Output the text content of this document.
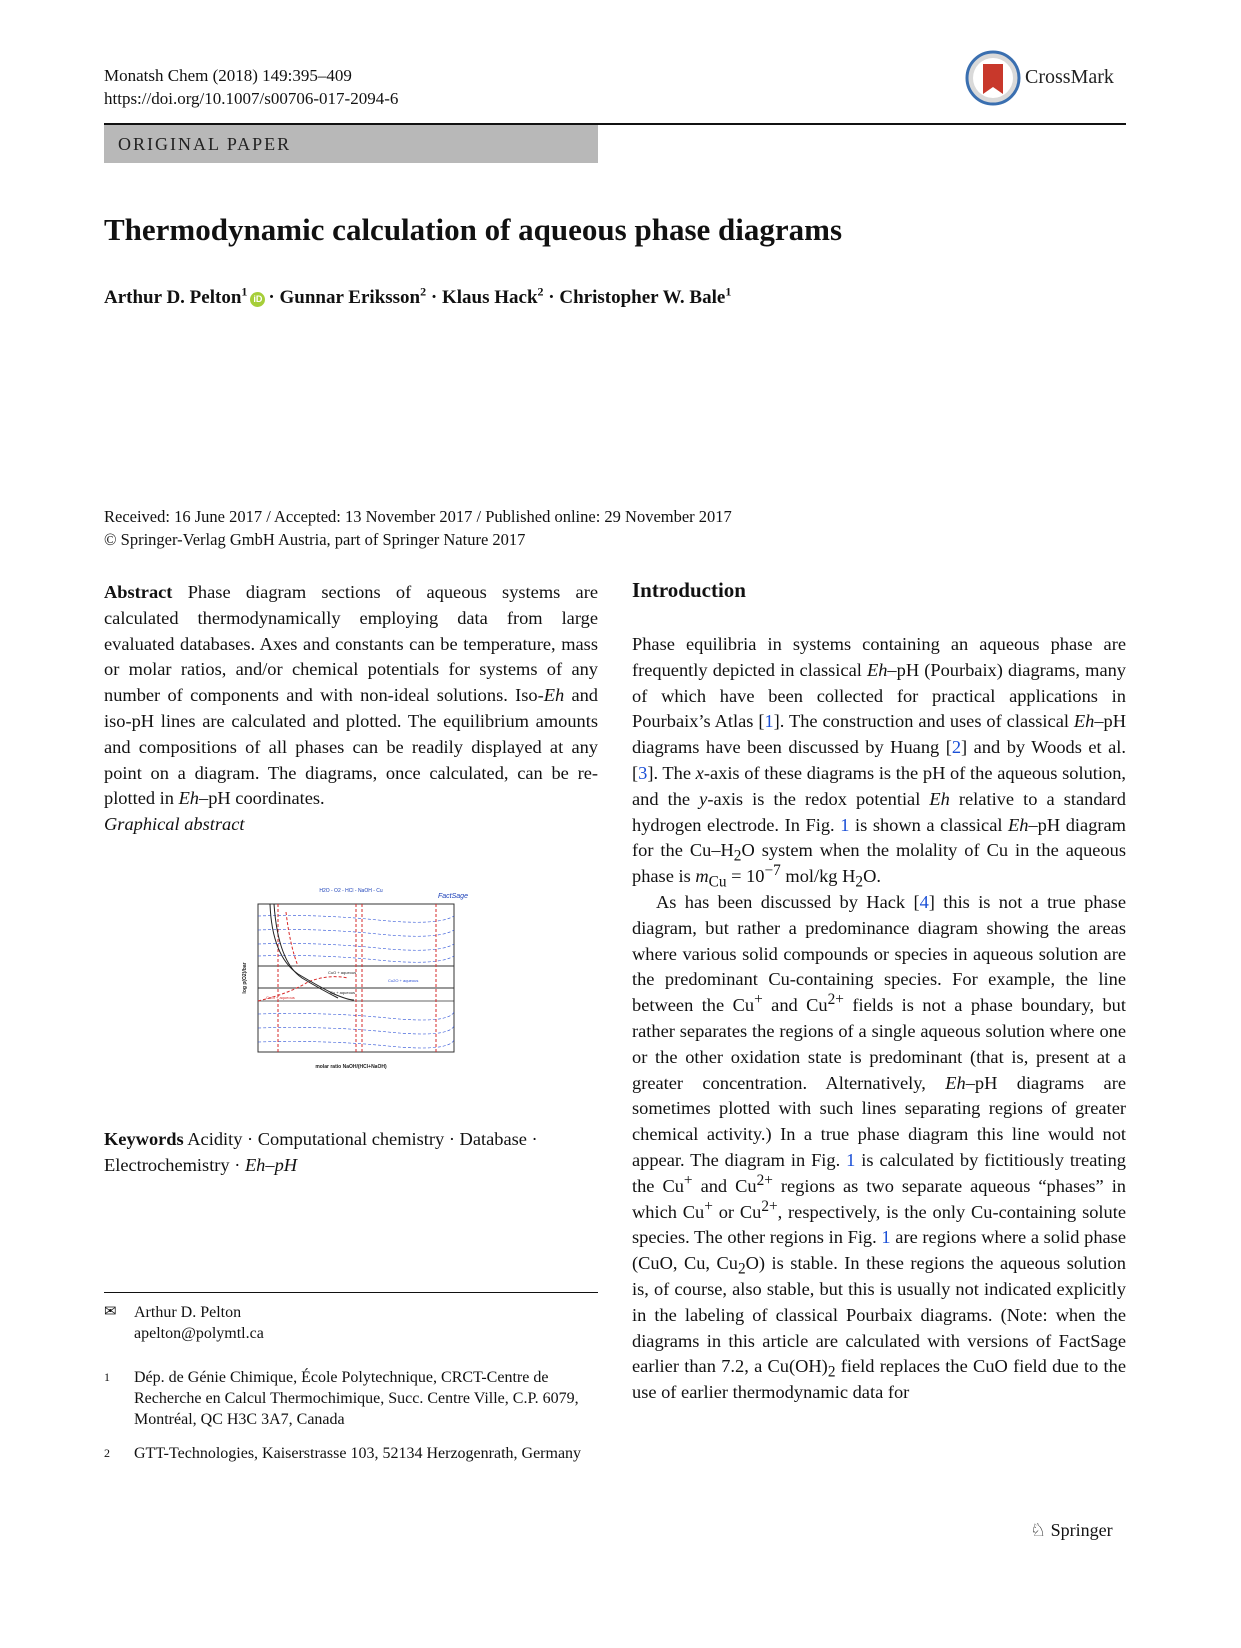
Monatsh Chem (2018) 149:395–409
https://doi.org/10.1007/s00706-017-2094-6
CrossMark
ORIGINAL PAPER
Thermodynamic calculation of aqueous phase diagrams
Arthur D. Pelton$^1$iD · Gunnar Eriksson$^2$ · Klaus Hack$^2$ · Christopher W. Bale$^1$
Received: 16 June 2017 / Accepted: 13 November 2017 / Published online: 29 November 2017
© Springer-Verlag GmbH Austria, part of Springer Nature 2017

Abstract Phase diagram sections of aqueous systems are calculated thermodynamically employing data from large evaluated databases. Axes and constants can be temperature, mass or molar ratios, and/or chemical potentials for systems of any number of components and with non-ideal solutions. Iso-Eh and iso-pH lines are calculated and plotted. The equilibrium amounts and compositions of all phases can be readily displayed at any point on a diagram. The diagrams, once calculated, can be re-plotted in Eh–pH coordinates.

Graphical abstract

H2O - O2 - HCl - NaOH - Cu
FactSage
CuCl + aqueous
Cu2O + aqueous
CuO + aqueous
Cu + aqueous
molar ratio NaOH/(HCl+NaOH)
log p(O2)/bar
Keywords Acidity · Computational chemistry · Database · Electrochemistry · Eh–pH
✉ Arthur D. Pelton
apelton@polymtl.ca
1 Dép. de Génie Chimique, École Polytechnique, CRCT-Centre de Recherche en Calcul Thermochimique, Succ. Centre Ville, C.P. 6079, Montréal, QC H3C 3A7, Canada
2 GTT-Technologies, Kaiserstrasse 103, 52134 Herzogenrath, Germany
Introduction

Phase equilibria in systems containing an aqueous phase are frequently depicted in classical Eh–pH (Pourbaix) diagrams, many of which have been collected for practical applications in Pourbaix’s Atlas [1]. The construction and uses of classical Eh–pH diagrams have been discussed by Huang [2] and by Woods et al. [3]. The x-axis of these diagrams is the pH of the aqueous solution, and the y-axis is the redox potential Eh relative to a standard hydrogen electrode. In Fig. 1 is shown a classical Eh–pH diagram for the $Cu-H_2O$ system when the molality of Cu in the aqueous phase is $m_{Cu} = 10^{-7}$ mol/kg $H_2O$.

As has been discussed by Hack [4] this is not a true phase diagram, but rather a predominance diagram showing the areas where various solid compounds or species in aqueous solution are the predominant Cu-containing species. For example, the line between the Cu+ and $Cu^{2+}$ fields is not a phase boundary, but rather separates the regions of a single aqueous solution where one or the other oxidation state is predominant (that is, present at a greater concentration. Alternatively, Eh–pH diagrams are sometimes plotted with such lines separating regions of greater chemical activity.) In a true phase diagram this line would not appear. The diagram in Fig. 1 is calculated by fictitiously treating the Cu+ and $Cu^{2+}$ regions as two separate aqueous “phases” in which Cu+ or $Cu^{2+}$, respectively, is the only Cu-containing solute species. The other regions in Fig. 1 are regions where a solid phase (CuO, Cu, $Cu_2O$) is stable. In these regions the aqueous solution is, of course, also stable, but this is usually not indicated explicitly in the labeling of classical Pourbaix diagrams. (Note: when the diagrams in this article are calculated with versions of FactSage earlier than 7.2, a $Cu(OH)_2$ field replaces the CuO field due to the use of earlier thermodynamic data for

♘ Springer
